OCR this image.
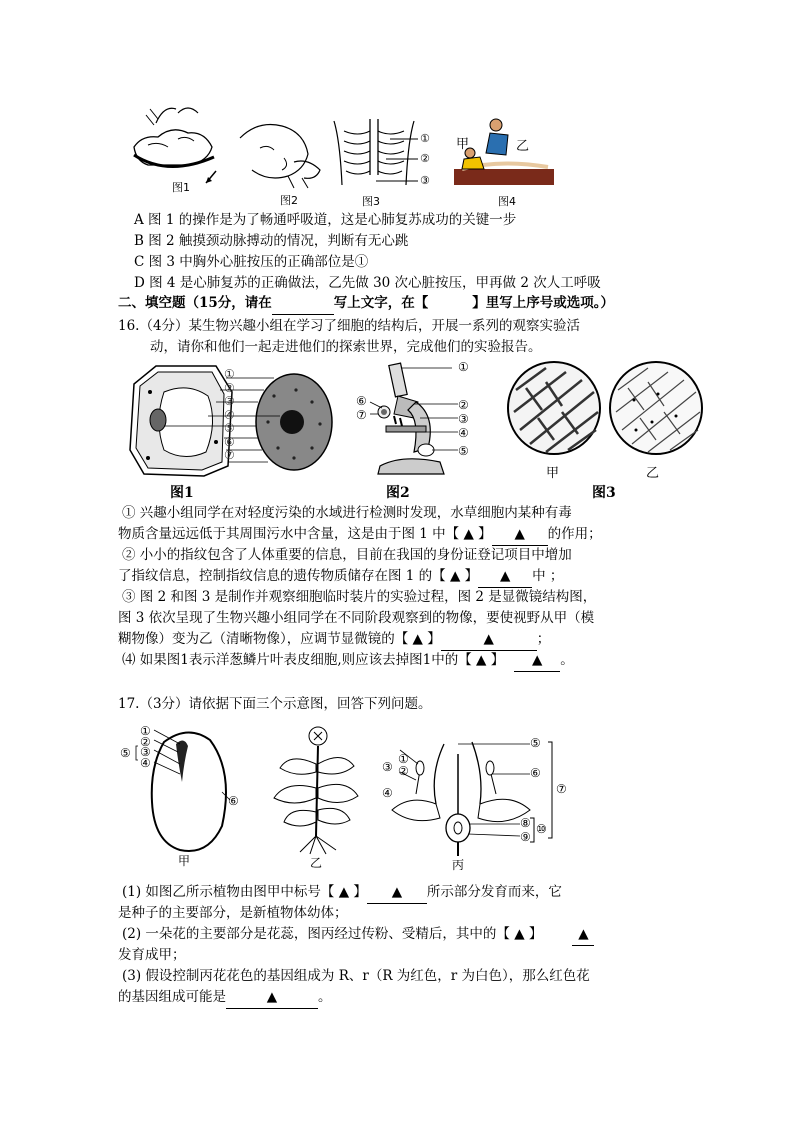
图1
图2
①
②
③
图3
甲	乙
图4
A 图 1 的操作是为了畅通呼吸道，这是心肺复苏成功的关键一步
B 图 2 触摸颈动脉搏动的情况，判断有无心跳
C 图 3 中胸外心脏按压的正确部位是①
D 图 4 是心肺复苏的正确做法，乙先做 30 次心脏按压，甲再做 2 次人工呼吸
二、填空题（15分，请在	写上文字，在【	】里写上序号或选项。）
16.（4分）某生物兴趣小组在学习了细胞的结构后，开展一系列的观察实验活
动，请你和他们一起走进他们的探索世界，完成他们的实验报告。
①
②
③
④
⑤
⑥
⑦
①
②
③
④
⑤
⑥
⑦
甲	乙
图1	图2	图3
① 兴趣小组同学在对轻度污染的水域进行检测时发现，水草细胞内某种有毒
物质含量远远低于其周围污水中含量，这是由于图 1 中【 ▲ 】 ▲ 的作用；
② 小小的指纹包含了人体重要的信息，目前在我国的身份证登记项目中增加
了指纹信息，控制指纹信息的遗传物质储存在图 1 的【 ▲ 】 ▲ 中 ；
③ 图 2 和图 3 是制作并观察细胞临时装片的实验过程，图 2 是显微镜结构图，
图 3 依次呈现了生物兴趣小组同学在不同阶段观察到的物像，要使视野从甲（模
糊物像）变为乙（清晰物像），应调节显微镜的【 ▲ 】	▲	；
⑷ 如果图1表示洋葱鳞片叶表皮细胞,则应该去掉图1中的【 ▲ 】 ▲ 。
17.（3分）请依据下面三个示意图，回答下列问题。
①
②
③
④
⑤
⑥
甲	乙
①
②
③
④
⑤
⑥
⑦
⑧
⑨
⑩
丙
(1) 如图乙所示植物由图甲中标号【 ▲ 】 ▲ 所示部分发育而来，它
是种子的主要部分，是新植物体幼体；
(2) 一朵花的主要部分是花蕊，图丙经过传粉、受精后，其中的【 ▲ 】	▲
发育成甲；
(3) 假设控制丙花花色的基因组成为 R、r（R 为红色，r 为白色），那么红色花
的基因组成可能是	▲	。
